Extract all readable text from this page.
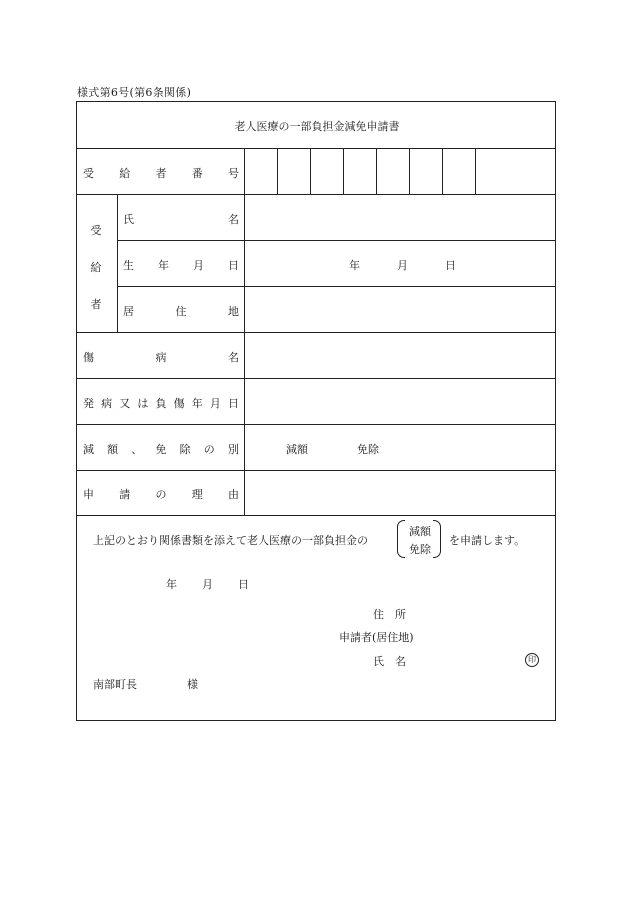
様式第6号(第6条関係)
老人医療の一部負担金減免申請書
受 給 者 番 号
受
給
者
氏	名
生 年 月 日	年	月	日
居	住	地
傷	病	名
発 病 又 は 負 傷 年 月 日
減 額 、 免 除 の 別	減額	免除
申 請 の 理 由
上記のとおり関係書類を添えて老人医療の一部負担金の
減額
免除
を申請します。
年 月 日
住　所
申請者(居住地)
氏　名	印
南部町長	様
